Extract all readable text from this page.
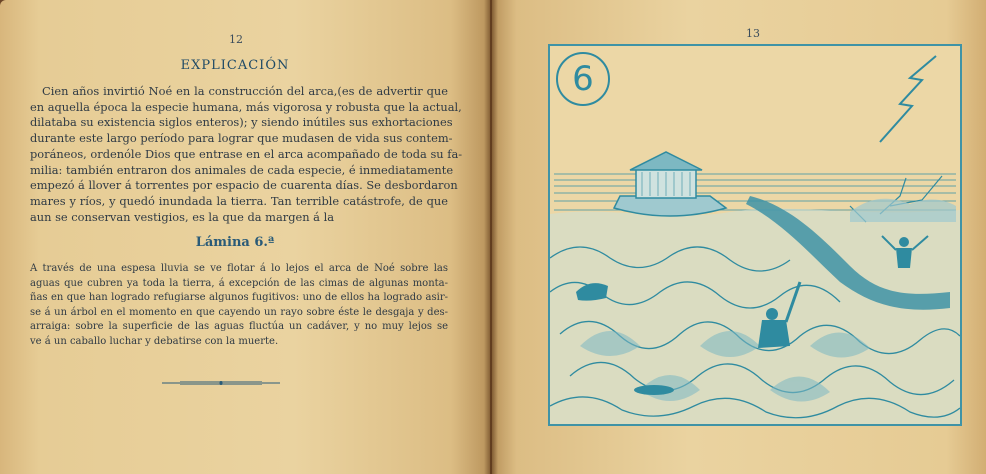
12
EXPLICACIÓN
Cien años invirtió Noé en la construcción del arca,(es de advertir que
en aquella época la especie humana, más vigorosa y robusta que la actual,
dilataba su existencia siglos enteros); y siendo inútiles sus exhortaciones
durante este largo período para lograr que mudasen de vida sus contem-
poráneos, ordenóle Dios que entrase en el arca acompañado de toda su fa-
milia: también entraron dos animales de cada especie, é inmediatamente
empezó á llover á torrentes por espacio de cuarenta días. Se desbordaron
mares y ríos, y quedó inundada la tierra. Tan terrible catástrofe, de que
aun se conservan vestigios, es la que da margen á la
Lámina 6.ª
A través de una espesa lluvia se ve flotar á lo lejos el arca de Noé sobre las
aguas que cubren ya toda la tierra, á excepción de las cimas de algunas monta-
ñas en que han logrado refugiarse algunos fugitivos: uno de ellos ha logrado asir-
se á un árbol en el momento en que cayendo un rayo sobre éste le desgaja y des-
arraiga: sobre la superficie de las aguas fluctúa un cadáver, y no muy lejos se
ve á un caballo luchar y debatirse con la muerte.
13
6
